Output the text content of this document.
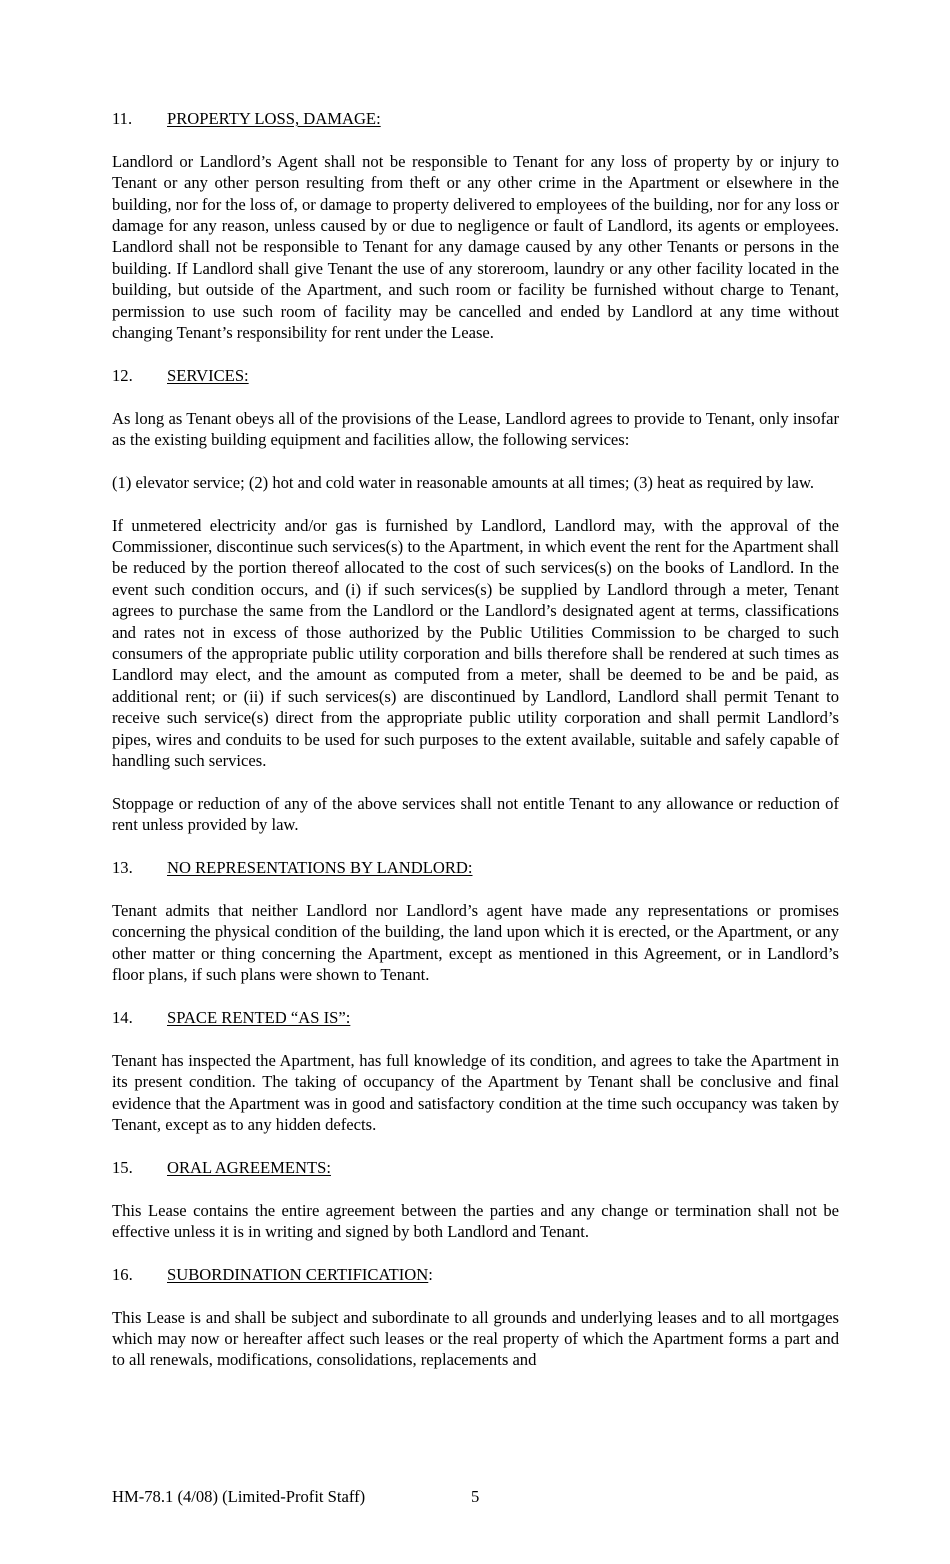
11. PROPERTY LOSS, DAMAGE:

Landlord or Landlord’s Agent shall not be responsible to Tenant for any loss of property by or injury to Tenant or any other person resulting from theft or any other crime in the Apartment or elsewhere in the building, nor for the loss of, or damage to property delivered to employees of the building, nor for any loss or damage for any reason, unless caused by or due to negligence or fault of Landlord, its agents or employees. Landlord shall not be responsible to Tenant for any damage caused by any other Tenants or persons in the building. If Landlord shall give Tenant the use of any storeroom, laundry or any other facility located in the building, but outside of the Apartment, and such room or facility be furnished without charge to Tenant, permission to use such room of facility may be cancelled and ended by Landlord at any time without changing Tenant’s responsibility for rent under the Lease.

12. SERVICES:

As long as Tenant obeys all of the provisions of the Lease, Landlord agrees to provide to Tenant, only insofar as the existing building equipment and facilities allow, the following services:

(1) elevator service; (2) hot and cold water in reasonable amounts at all times; (3) heat as required by law.

If unmetered electricity and/or gas is furnished by Landlord, Landlord may, with the approval of the Commissioner, discontinue such services(s) to the Apartment, in which event the rent for the Apartment shall be reduced by the portion thereof allocated to the cost of such services(s) on the books of Landlord. In the event such condition occurs, and (i) if such services(s) be supplied by Landlord through a meter, Tenant agrees to purchase the same from the Landlord or the Landlord’s designated agent at terms, classifications and rates not in excess of those authorized by the Public Utilities Commission to be charged to such consumers of the appropriate public utility corporation and bills therefore shall be rendered at such times as Landlord may elect, and the amount as computed from a meter, shall be deemed to be and be paid, as additional rent; or (ii) if such services(s) are discontinued by Landlord, Landlord shall permit Tenant to receive such service(s) direct from the appropriate public utility corporation and shall permit Landlord’s pipes, wires and conduits to be used for such purposes to the extent available, suitable and safely capable of handling such services.

Stoppage or reduction of any of the above services shall not entitle Tenant to any allowance or reduction of rent unless provided by law.

13. NO REPRESENTATIONS BY LANDLORD:

Tenant admits that neither Landlord nor Landlord’s agent have made any representations or promises concerning the physical condition of the building, the land upon which it is erected, or the Apartment, or any other matter or thing concerning the Apartment, except as mentioned in this Agreement, or in Landlord’s floor plans, if such plans were shown to Tenant.

14. SPACE RENTED “AS IS”:

Tenant has inspected the Apartment, has full knowledge of its condition, and agrees to take the Apartment in its present condition. The taking of occupancy of the Apartment by Tenant shall be conclusive and final evidence that the Apartment was in good and satisfactory condition at the time such occupancy was taken by Tenant, except as to any hidden defects.

15. ORAL AGREEMENTS:

This Lease contains the entire agreement between the parties and any change or termination shall not be effective unless it is in writing and signed by both Landlord and Tenant.

16. SUBORDINATION CERTIFICATION:

This Lease is and shall be subject and subordinate to all grounds and underlying leases and to all mortgages which may now or hereafter affect such leases or the real property of which the Apartment forms a part and to all renewals, modifications, consolidations, replacements and

HM-78.1 (4/08) (Limited-Profit Staff)	5
